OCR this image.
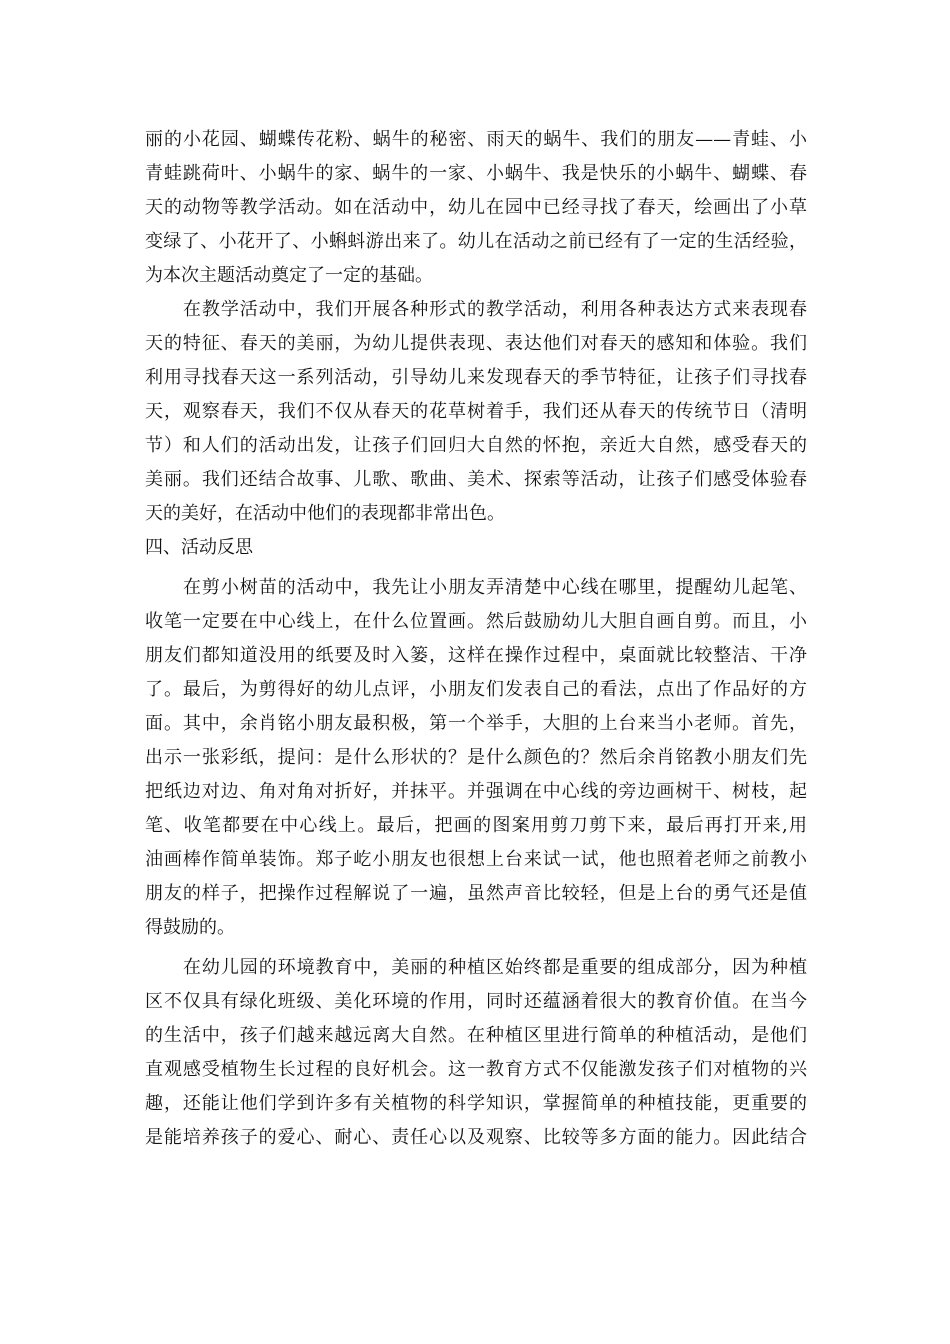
丽的小花园、蝴蝶传花粉、蜗牛的秘密、雨天的蜗牛、我们的朋友——青蛙、小
青蛙跳荷叶、小蜗牛的家、蜗牛的一家、小蜗牛、我是快乐的小蜗牛、蝴蝶、春
天的动物等教学活动。如在活动中，幼儿在园中已经寻找了春天，绘画出了小草
变绿了、小花开了、小蝌蚪游出来了。幼儿在活动之前已经有了一定的生活经验，
为本次主题活动奠定了一定的基础。
在教学活动中，我们开展各种形式的教学活动，利用各种表达方式来表现春
天的特征、春天的美丽，为幼儿提供表现、表达他们对春天的感知和体验。我们
利用寻找春天这一系列活动，引导幼儿来发现春天的季节特征，让孩子们寻找春
天，观察春天，我们不仅从春天的花草树着手，我们还从春天的传统节日（清明
节）和人们的活动出发，让孩子们回归大自然的怀抱，亲近大自然，感受春天的
美丽。我们还结合故事、儿歌、歌曲、美术、探索等活动，让孩子们感受体验春
天的美好，在活动中他们的表现都非常出色。
四、活动反思
在剪小树苗的活动中，我先让小朋友弄清楚中心线在哪里，提醒幼儿起笔、
收笔一定要在中心线上，在什么位置画。然后鼓励幼儿大胆自画自剪。而且，小
朋友们都知道没用的纸要及时入篓，这样在操作过程中，桌面就比较整洁、干净
了。最后，为剪得好的幼儿点评，小朋友们发表自己的看法，点出了作品好的方
面。其中，余肖铭小朋友最积极，第一个举手，大胆的上台来当小老师。首先，
出示一张彩纸，提问：是什么形状的？是什么颜色的？然后余肖铭教小朋友们先
把纸边对边、角对角对折好，并抹平。并强调在中心线的旁边画树干、树枝，起
笔、收笔都要在中心线上。最后，把画的图案用剪刀剪下来，最后再打开来,用
油画棒作简单装饰。郑子屹小朋友也很想上台来试一试，他也照着老师之前教小
朋友的样子，把操作过程解说了一遍，虽然声音比较轻，但是上台的勇气还是值
得鼓励的。
在幼儿园的环境教育中，美丽的种植区始终都是重要的组成部分，因为种植
区不仅具有绿化班级、美化环境的作用，同时还蕴涵着很大的教育价值。在当今
的生活中，孩子们越来越远离大自然。在种植区里进行简单的种植活动，是他们
直观感受植物生长过程的良好机会。这一教育方式不仅能激发孩子们对植物的兴
趣，还能让他们学到许多有关植物的科学知识，掌握简单的种植技能，更重要的
是能培养孩子的爱心、耐心、责任心以及观察、比较等多方面的能力。因此结合
